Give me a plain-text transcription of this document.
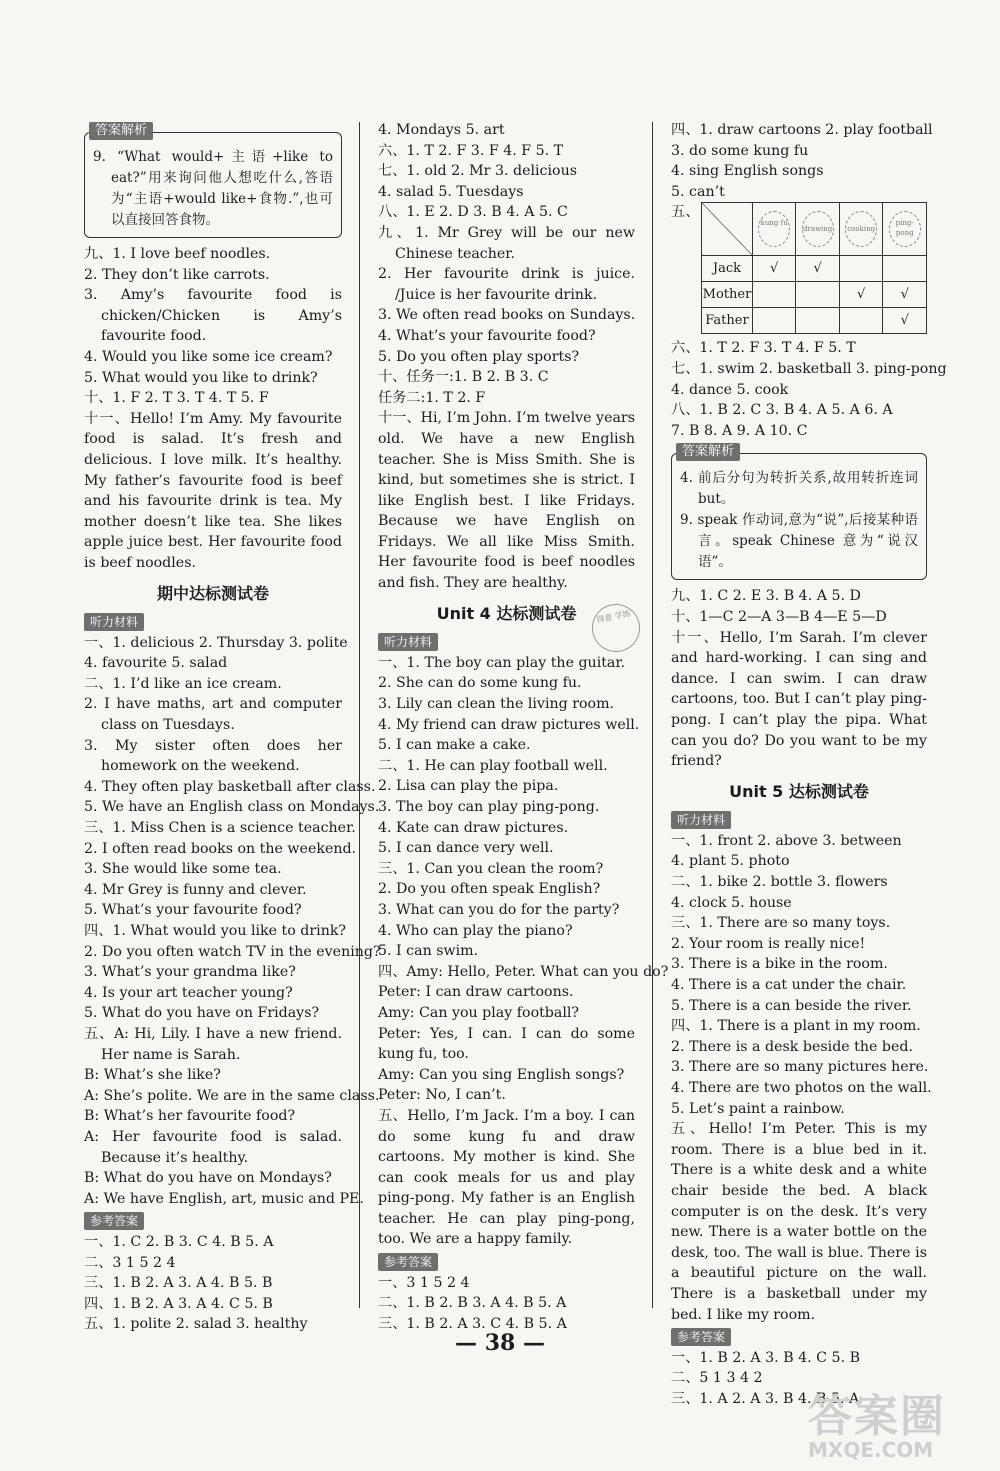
答案解析

9. “What would+主语+like to eat?”用来询问他人想吃什么,答语为“主语+would like+食物.”,也可以直接回答食物。

九、1. I love beef noodles.

2. They don’t like carrots.

3. Amy’s favourite food is chicken/Chicken is Amy’s favourite food.

4. Would you like some ice cream?

5. What would you like to drink?

十、1. F 2. T 3. T 4. T 5. F

十一、Hello! I’m Amy. My favourite food is salad. It’s fresh and delicious. I love milk. It’s healthy. My father’s favourite food is beef and his favourite drink is tea. My mother doesn’t like tea. She likes apple juice best. Her favourite food is beef noodles.

期中达标测试卷
听力材料

一、1. delicious 2. Thursday 3. polite

4. favourite 5. salad

二、1. I’d like an ice cream.

2. I have maths, art and computer class on Tuesdays.

3. My sister often does her homework on the weekend.

4. They often play basketball after class.

5. We have an English class on Mondays.

三、1. Miss Chen is a science teacher.

2. I often read books on the weekend.

3. She would like some tea.

4. Mr Grey is funny and clever.

5. What’s your favourite food?

四、1. What would you like to drink?

2. Do you often watch TV in the evening?

3. What’s your grandma like?

4. Is your art teacher young?

5. What do you have on Fridays?

五、A: Hi, Lily. I have a new friend. Her name is Sarah.

B: What’s she like?

A: She’s polite. We are in the same class.

B: What’s her favourite food?

A: Her favourite food is salad. Because it’s healthy.

B: What do you have on Mondays?

A: We have English, art, music and PE.

参考答案

一、1. C 2. B 3. C 4. B 5. A

二、3 1 5 2 4

三、1. B 2. A 3. A 4. B 5. B

四、1. B 2. A 3. A 4. C 5. B

五、1. polite 2. salad 3. healthy

4. Mondays 5. art

六、1. T 2. F 3. F 4. F 5. T

七、1. old 2. Mr 3. delicious

4. salad 5. Tuesdays

八、1. E 2. D 3. B 4. A 5. C

九、1. Mr Grey will be our new Chinese teacher.

2. Her favourite drink is juice. /Juice is her favourite drink.

3. We often read books on Sundays.

4. What’s your favourite food?

5. Do you often play sports?

十、任务一:1. B 2. B 3. C

任务二:1. T 2. F

十一、Hi, I’m John. I’m twelve years old. We have a new English teacher. She is Miss Smith. She is kind, but sometimes she is strict. I like English best. I like Fridays. Because we have English on Fridays. We all like Miss Smith. Her favourite food is beef noodles and fish. They are healthy.

Unit 4 达标测试卷
听力材料

一、1. The boy can play the guitar.

2. She can do some kung fu.

3. Lily can clean the living room.

4. My friend can draw pictures well.

5. I can make a cake.

二、1. He can play football well.

2. Lisa can play the pipa.

3. The boy can play ping-pong.

4. Kate can draw pictures.

5. I can dance very well.

三、1. Can you clean the room?

2. Do you often speak English?

3. What can you do for the party?

4. Who can play the piano?

5. I can swim.

四、Amy: Hello, Peter. What can you do?

Peter: I can draw cartoons.

Amy: Can you play football?

Peter: Yes, I can. I can do some kung fu, too.

Amy: Can you sing English songs?

Peter: No, I can’t.

五、Hello, I’m Jack. I’m a boy. I can do some kung fu and draw cartoons. My mother is kind. She can cook meals for us and play ping-pong. My father is an English teacher. He can play ping-pong, too. We are a happy family.

参考答案

一、3 1 5 2 4

二、1. B 2. B 3. A 4. B 5. A

三、1. B 2. A 3. C 4. B 5. A

得意 学练

四、1. draw cartoons 2. play football

3. do some kung fu

4. sing English songs

5. can’t

五、
	kung fu	drawing	cooking	ping-pong
Jack	√	√		
Mother			√	√
Father				√

六、1. T 2. F 3. T 4. F 5. T

七、1. swim 2. basketball 3. ping-pong

4. dance 5. cook

八、1. B 2. C 3. B 4. A 5. A 6. A

7. B 8. A 9. A 10. C

答案解析

4. 前后分句为转折关系,故用转折连词 but。

9. speak 作动词,意为“说”,后接某种语言。speak Chinese 意为“说汉语”。

九、1. C 2. E 3. B 4. A 5. D

十、1—C 2—A 3—B 4—E 5—D

十一、Hello, I’m Sarah. I’m clever and hard-working. I can sing and dance. I can swim. I can draw cartoons, too. But I can’t play ping-pong. I can’t play the pipa. What can you do? Do you want to be my friend?

Unit 5 达标测试卷
听力材料

一、1. front 2. above 3. between

4. plant 5. photo

二、1. bike 2. bottle 3. flowers

4. clock 5. house

三、1. There are so many toys.

2. Your room is really nice!

3. There is a bike in the room.

4. There is a cat under the chair.

5. There is a can beside the river.

四、1. There is a plant in my room.

2. There is a desk beside the bed.

3. There are so many pictures here.

4. There are two photos on the wall.

5. Let’s paint a rainbow.

五、Hello! I’m Peter. This is my room. There is a blue bed in it. There is a white desk and a white chair beside the bed. A black computer is on the desk. It’s very new. There is a water bottle on the desk, too. The wall is blue. There is a beautiful picture on the wall. There is a basketball under my bed. I like my room.

参考答案

一、1. B 2. A 3. B 4. C 5. B

二、5 1 3 4 2

三、1. A 2. A 3. B 4. B 5. A

— 38 —
答案圈
MXQE.COM
